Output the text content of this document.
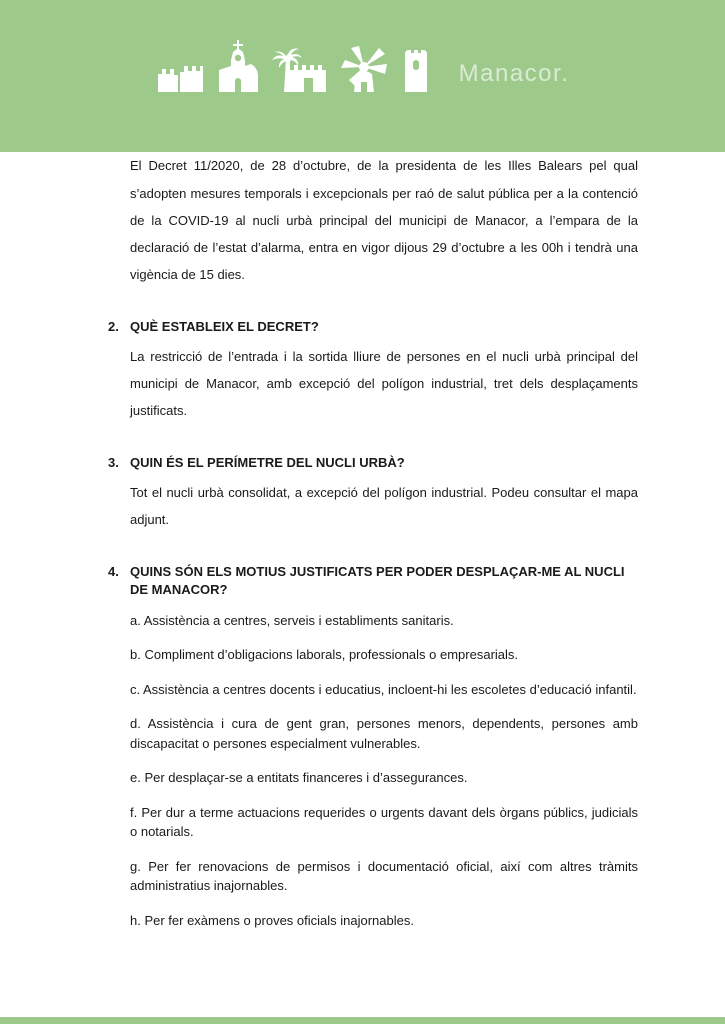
Manacor.
El Decret 11/2020, de 28 d’octubre, de la presidenta de les Illes Balears pel qual s’adopten mesures temporals i excepcionals per raó de salut pública per a la contenció de la COVID-19 al nucli urbà principal del municipi de Manacor, a l’empara de la declaració de l’estat d’alarma, entra en vigor dijous 29 d’octubre a les 00h i tendrà una vigència de 15 dies.
2. QUÈ ESTABLEIX EL DECRET?
La restricció de l’entrada i la sortida lliure de persones en el nucli urbà principal del municipi de Manacor, amb excepció del polígon industrial, tret dels desplaçaments justificats.
3. QUIN ÉS EL PERÍMETRE DEL NUCLI URBÀ?
Tot el nucli urbà consolidat, a excepció del polígon industrial. Podeu consultar el mapa adjunt.
4. QUINS SÓN ELS MOTIUS JUSTIFICATS PER PODER DESPLAÇAR-ME AL NUCLI DE MANACOR?
a. Assistència a centres, serveis i establiments sanitaris.
b. Compliment d’obligacions laborals, professionals o empresarials.
c. Assistència a centres docents i educatius, incloent-hi les escoletes d’educació infantil.
d. Assistència i cura de gent gran, persones menors, dependents, persones amb discapacitat o persones especialment vulnerables.
e. Per desplaçar-se a entitats financeres i d’assegurances.
f. Per dur a terme actuacions requerides o urgents davant dels òrgans públics, judicials o notarials.
g. Per fer renovacions de permisos i documentació oficial, així com altres tràmits administratius inajornables.
h. Per fer exàmens o proves oficials inajornables.
